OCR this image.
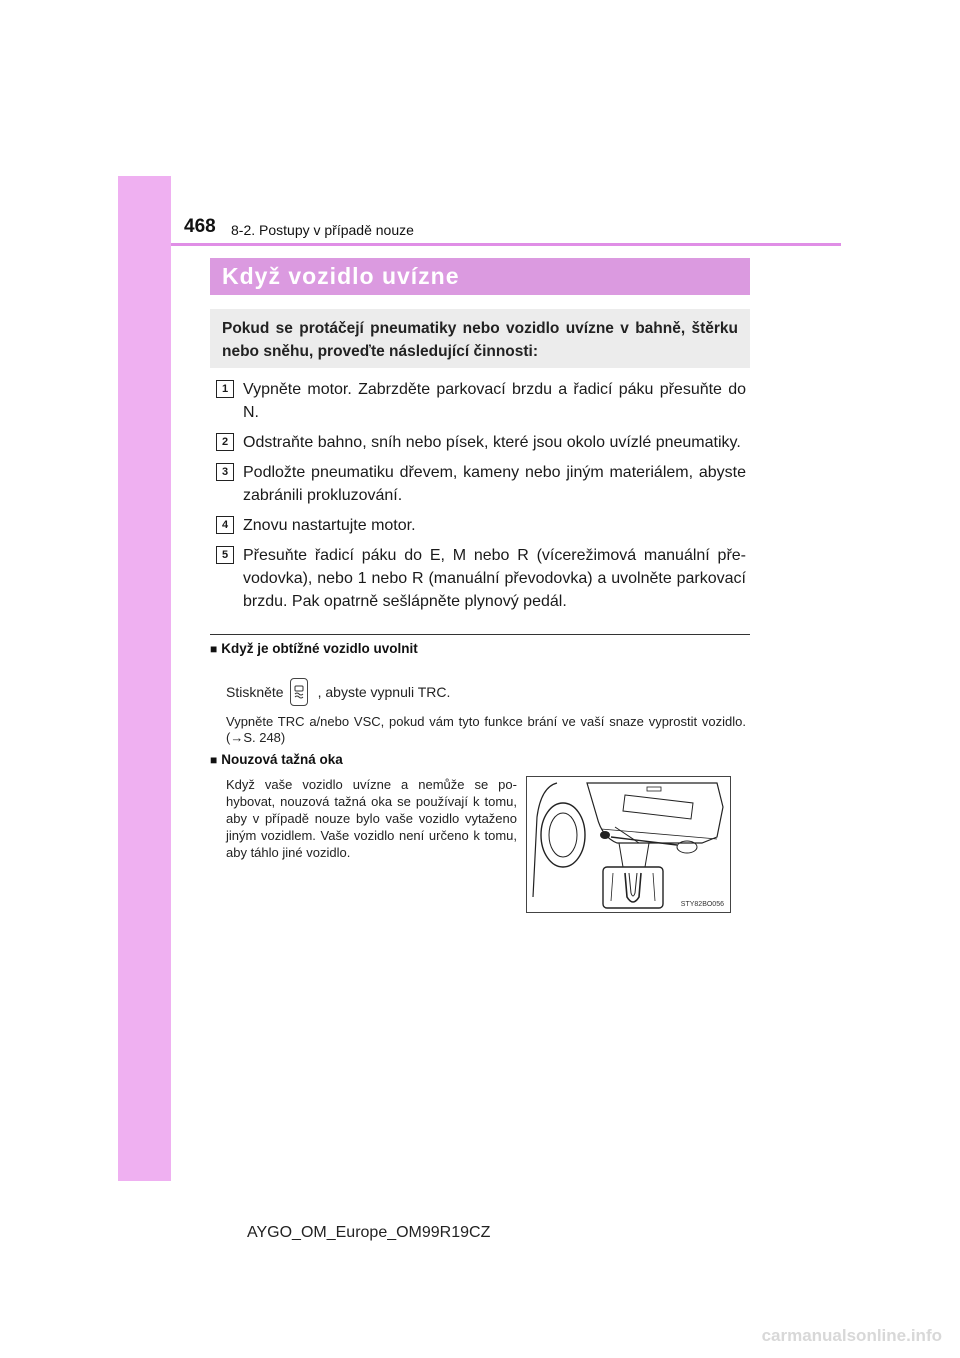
468 8-2. Postupy v případě nouze
Když vozidlo uvízne

Pokud se protáčejí pneumatiky nebo vozidlo uvízne v bahně, štěrku nebo sněhu, proveďte následující činnosti:

1 Vypněte motor. Zabrzděte parkovací brzdu a řadicí páku přesuňte do N.

2 Odstraňte bahno, sníh nebo písek, které jsou okolo uvízlé pneumatiky.

3 Podložte pneumatiku dřevem, kameny nebo jiným materiálem, abyste zabránili prokluzování.

4 Znovu nastartujte motor.

5 Přesuňte řadicí páku do E, M nebo R (vícerežimová manuální převodovka), nebo 1 nebo R (manuální převodovka) a uvolněte parkovací brzdu. Pak opatrně sešlápněte plynový pedál.

■ Když je obtížné vozidlo uvolnit
Stiskněte , abyste vypnuli TRC.

Vypněte TRC a/nebo VSC, pokud vám tyto funkce brání ve vaší snaze vyprostit vozidlo. (→S. 248)

■ Nouzová tažná oka

Když vaše vozidlo uvízne a nemůže se pohybovat, nouzová tažná oka se používají k tomu, aby v případě nouze bylo vaše vozidlo vytaženo jiným vozidlem. Vaše vozidlo není určeno k tomu, aby táhlo jiné vozidlo.

STY82BO056
AYGO_OM_Europe_OM99R19CZ
carmanualsonline.info
